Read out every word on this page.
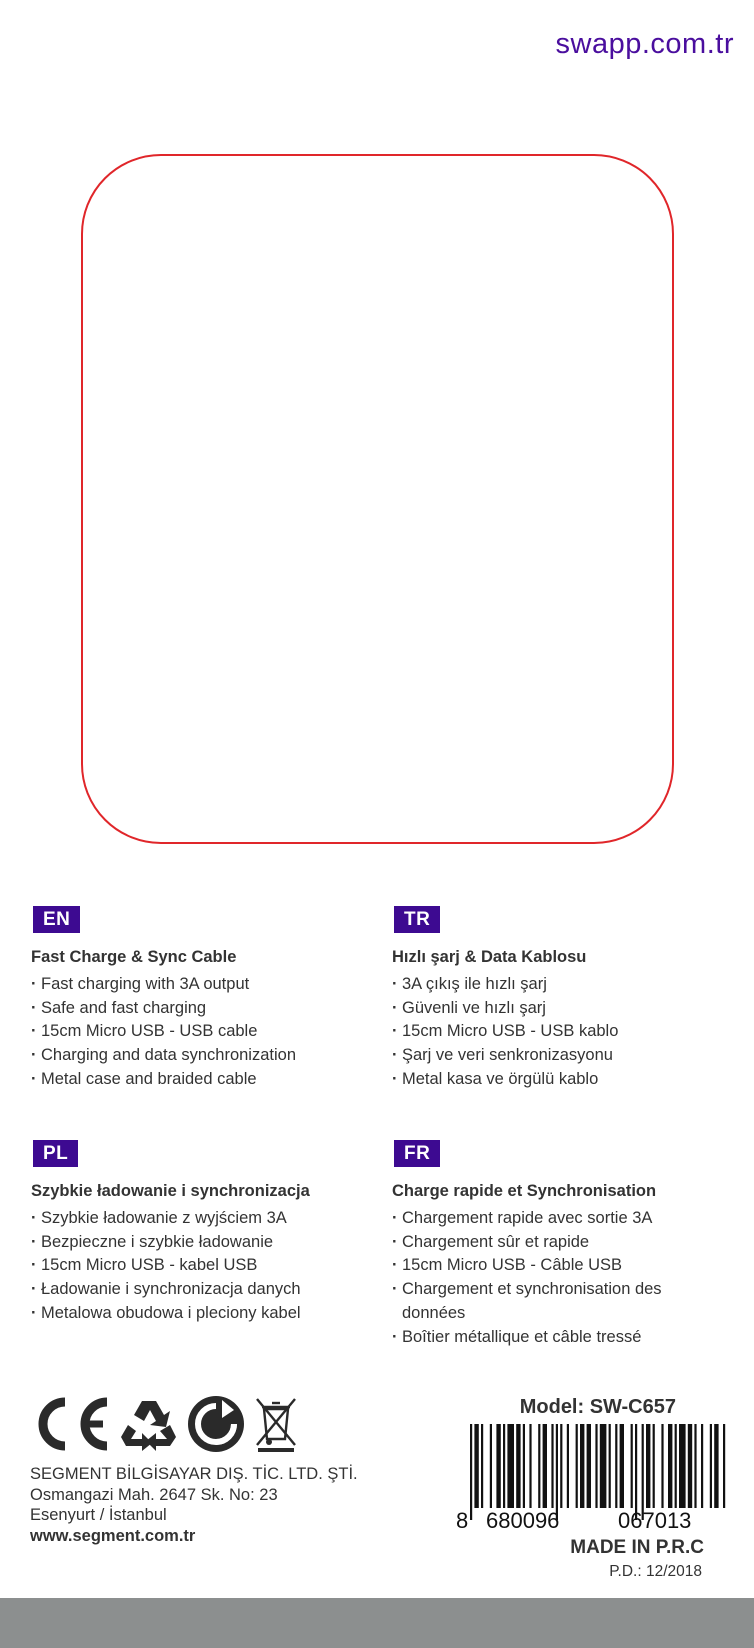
swapp.com.tr
EN
Fast Charge & Sync Cable
· Fast charging with 3A output
· Safe and fast charging
· 15cm Micro USB - USB cable
· Charging and data synchronization
· Metal case and braided cable
TR
Hızlı şarj & Data Kablosu
· 3A çıkış ile hızlı şarj
· Güvenli ve hızlı şarj
· 15cm Micro USB - USB kablo
· Şarj ve veri senkronizasyonu
· Metal kasa ve örgülü kablo
PL
Szybkie ładowanie i synchronizacja
· Szybkie ładowanie z wyjściem 3A
· Bezpieczne i szybkie ładowanie
· 15cm Micro USB - kabel USB
· Ładowanie i synchronizacja danych
· Metalowa obudowa i pleciony kabel
FR
Charge rapide et Synchronisation
· Chargement rapide avec sortie 3A
· Chargement sûr et rapide
· 15cm Micro USB - Câble USB
· Chargement et synchronisation des données
· Boîtier métallique et câble tressé
SEGMENT BİLGİSAYAR DIŞ. TİC. LTD. ŞTİ.
Osmangazi Mah. 2647 Sk. No: 23
Esenyurt / İstanbul
www.segment.com.tr
Model: SW-C657
8 680096	067013
MADE IN P.R.C
P.D.: 12/2018
